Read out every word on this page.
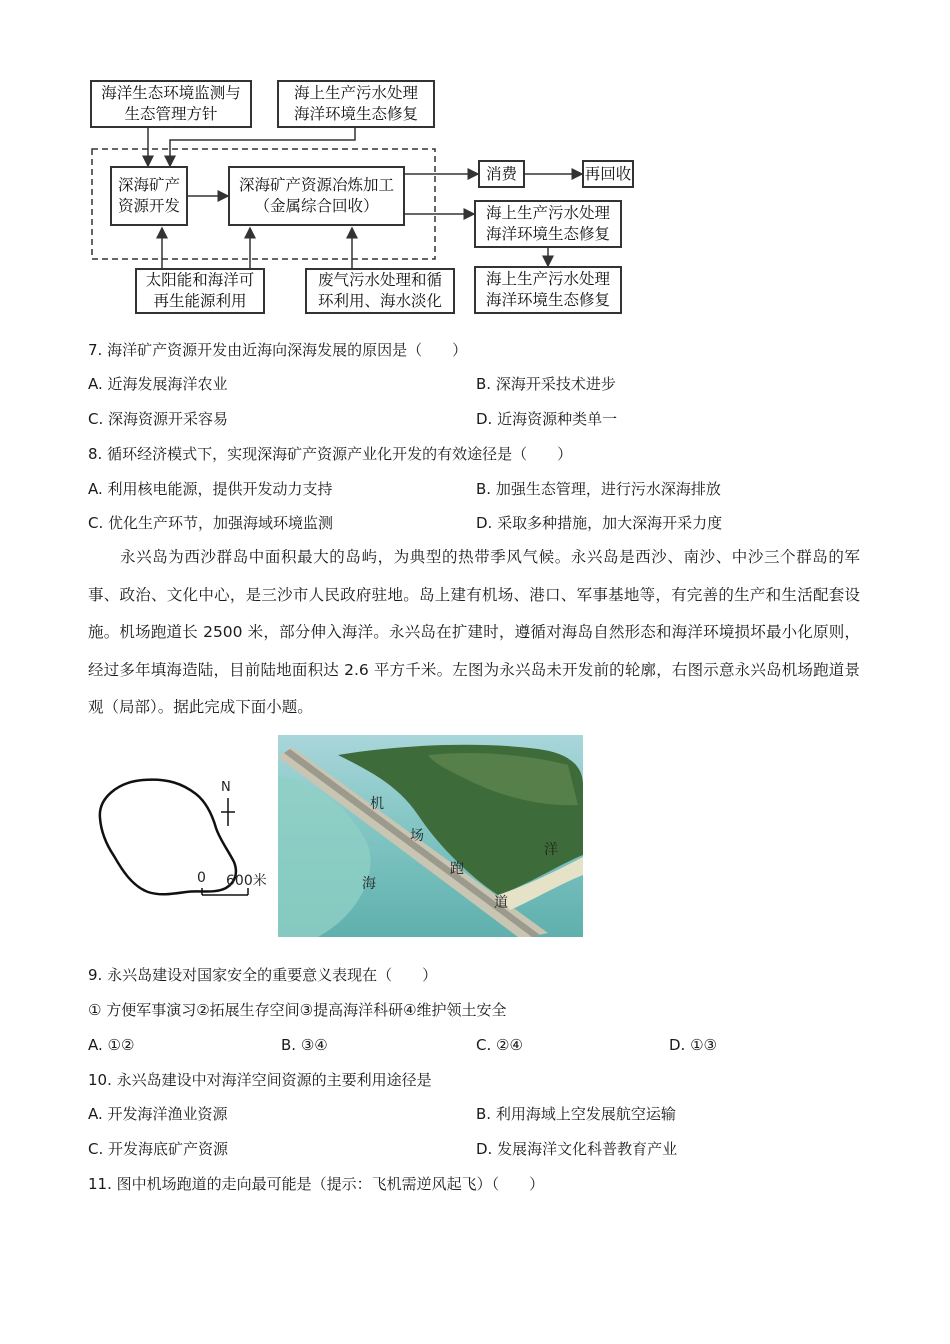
海洋生态环境监测与
生态管理方针
海上生产污水处理
海洋环境生态修复
深海矿产
资源开发
深海矿产资源冶炼加工
（金属综合回收）
消费	再回收
海上生产污水处理
海洋环境生态修复
海上生产污水处理
海洋环境生态修复
太阳能和海洋可
再生能源利用
废气污水处理和循
环利用、海水淡化
7. 海洋矿产资源开发由近海向深海发展的原因是（　　）
A. 近海发展海洋农业	B. 深海开采技术进步
C. 深海资源开采容易	D. 近海资源种类单一
8. 循环经济模式下，实现深海矿产资源产业化开发的有效途径是（　　）
A. 利用核电能源，提供开发动力支持	B. 加强生态管理，进行污水深海排放
C. 优化生产环节，加强海域环境监测	D. 采取多种措施，加大深海开采力度
永兴岛为西沙群岛中面积最大的岛屿，为典型的热带季风气候。永兴岛是西沙、南沙、中沙三个群岛的军事、政治、文化中心，是三沙市人民政府驻地。岛上建有机场、港口、军事基地等，有完善的生产和生活配套设施。机场跑道长 2500 米，部分伸入海洋。永兴岛在扩建时，遵循对海岛自然形态和海洋环境损坏最小化原则，经过多年填海造陆，目前陆地面积达 2.6 平方千米。左图为永兴岛未开发前的轮廓，右图示意永兴岛机场跑道景观（局部）。据此完成下面小题。
N
0 600米
机
场
跑
道
海
洋
9. 永兴岛建设对国家安全的重要意义表现在（　　）
① 方便军事演习②拓展生存空间③提高海洋科研④维护领土安全
A. ①②	B. ③④	C. ②④	D. ①③
10. 永兴岛建设中对海洋空间资源的主要利用途径是
A. 开发海洋渔业资源	B. 利用海域上空发展航空运输
C. 开发海底矿产资源	D. 发展海洋文化科普教育产业
11. 图中机场跑道的走向最可能是（提示：飞机需逆风起飞）（　　）
